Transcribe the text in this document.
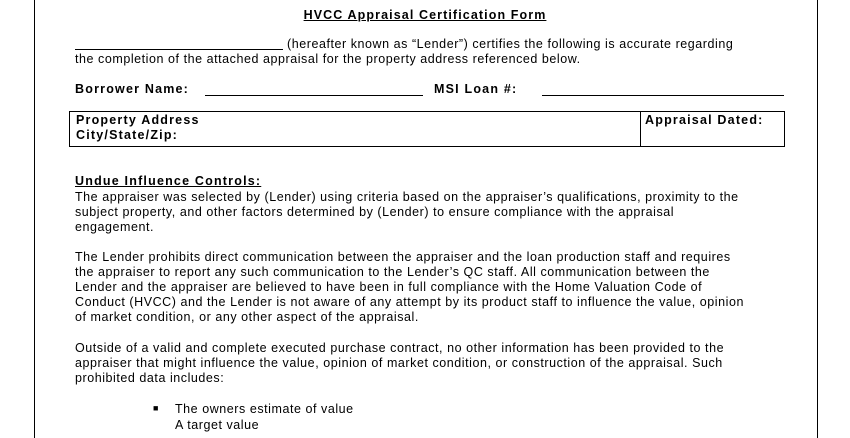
HVCC Appraisal Certification Form

(hereafter known as “Lender”) certifies the following is accurate regarding

the completion of the attached appraisal for the property address referenced below.

Borrower Name:	MSI Loan #:
Property Address
City/State/Zip:
Appraisal Dated:
Undue Influence Controls:

The appraiser was selected by (Lender) using criteria based on the appraiser’s qualifications, proximity to the

subject property, and other factors determined by (Lender) to ensure compliance with the appraisal

engagement.

The Lender prohibits direct communication between the appraiser and the loan production staff and requires

the appraiser to report any such communication to the Lender’s QC staff. All communication between the

Lender and the appraiser are believed to have been in full compliance with the Home Valuation Code of

Conduct (HVCC) and the Lender is not aware of any attempt by its product staff to influence the value, opinion

of market condition, or any other aspect of the appraisal.

Outside of a valid and complete executed purchase contract, no other information has been provided to the

appraiser that might influence the value, opinion of market condition, or construction of the appraisal. Such

prohibited data includes:

■ The owners estimate of value
A target value
